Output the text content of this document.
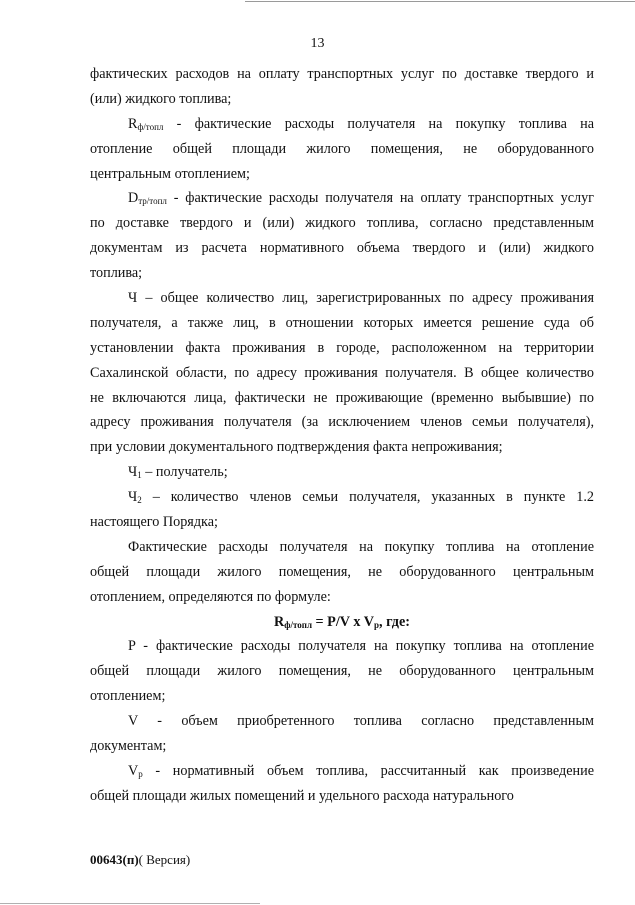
13
фактических расходов на оплату транспортных услуг по доставке твердого и
(или) жидкого топлива;
$R_{ф/топл}$ - фактические расходы получателя на покупку топлива на
отопление общей площади жилого помещения, не оборудованного
центральным отоплением;
$D_{тр/топл}$ - фактические расходы получателя на оплату транспортных услуг
по доставке твердого и (или) жидкого топлива, согласно представленным
документам из расчета нормативного объема твердого и (или) жидкого
топлива;
Ч – общее количество лиц, зарегистрированных по адресу проживания
получателя, а также лиц, в отношении которых имеется решение суда об
установлении факта проживания в городе, расположенном на территории
Сахалинской области, по адресу проживания получателя. В общее количество
не включаются лица, фактически не проживающие (временно выбывшие) по
адресу проживания получателя (за исключением членов семьи получателя),
при условии документального подтверждения факта непроживания;
$Ч_1$ – получатель;
$Ч_2$ – количество членов семьи получателя, указанных в пункте 1.2
настоящего Порядка;
Фактические расходы получателя на покупку топлива на отопление
общей площади жилого помещения, не оборудованного центральным
отоплением, определяются по формуле:
$R_{ф/топл} = P/V$ x $V_р$, где:
P - фактические расходы получателя на покупку топлива на отопление
общей площади жилого помещения, не оборудованного центральным
отоплением;
V - объем приобретенного топлива согласно представленным
документам;
$V_р$ - нормативный объем топлива, рассчитанный как произведение
общей площади жилых помещений и удельного расхода натурального
00643(п)( Версия)
